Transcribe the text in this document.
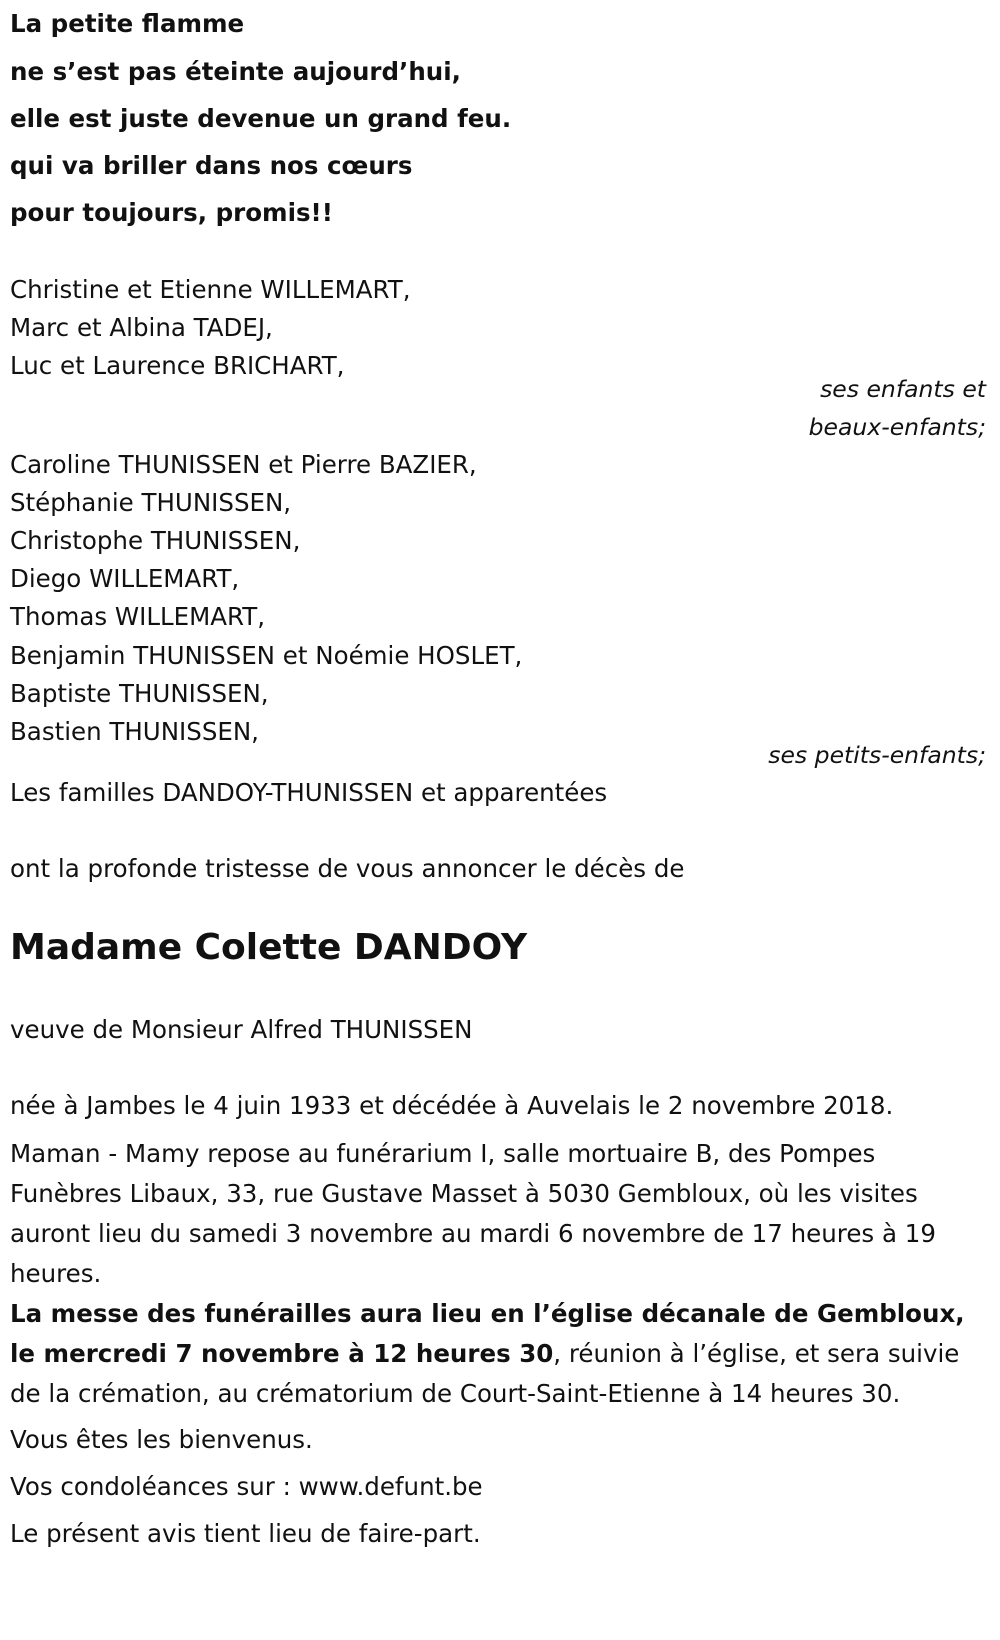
La petite flamme
ne s’est pas éteinte aujourd’hui,
elle est juste devenue un grand feu.
qui va briller dans nos cœurs
pour toujours, promis!!
Christine et Etienne WILLEMART,
Marc et Albina TADEJ,
Luc et Laurence BRICHART,
ses enfants et
beaux-enfants;
Caroline THUNISSEN et Pierre BAZIER,
Stéphanie THUNISSEN,
Christophe THUNISSEN,
Diego WILLEMART,
Thomas WILLEMART,
Benjamin THUNISSEN et Noémie HOSLET,
Baptiste THUNISSEN,
Bastien THUNISSEN,
ses petits-enfants;
Les familles DANDOY-THUNISSEN et apparentées
ont la profonde tristesse de vous annoncer le décès de
Madame Colette DANDOY
veuve de Monsieur Alfred THUNISSEN
née à Jambes le 4 juin 1933 et décédée à Auvelais le 2 novembre 2018.
Maman - Mamy repose au funérarium I, salle mortuaire B, des Pompes Funèbres Libaux, 33, rue Gustave Masset à 5030 Gembloux, où les visites auront lieu du samedi 3 novembre au mardi 6 novembre de 17 heures à 19 heures.
La messe des funérailles aura lieu en l’église décanale de Gembloux, le mercredi 7 novembre à 12 heures 30, réunion à l’église, et sera suivie de la crémation, au crématorium de Court-Saint-Etienne à 14 heures 30.
Vous êtes les bienvenus.
Vos condoléances sur : www.defunt.be
Le présent avis tient lieu de faire-part.
